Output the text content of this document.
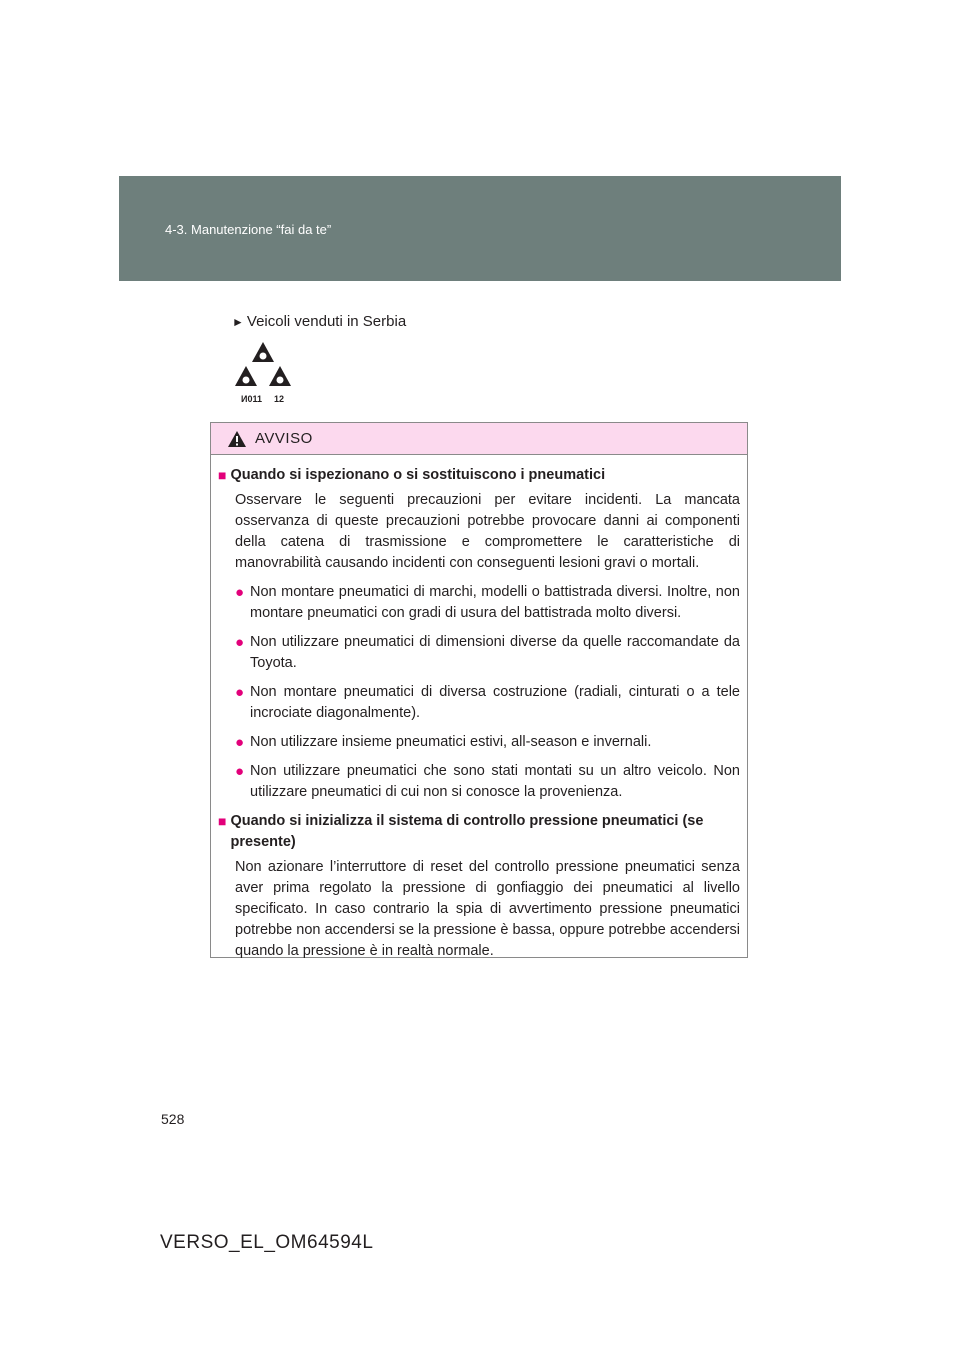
4-3. Manutenzione “fai da te”
► Veicoli venduti in Serbia
И011 12
AVVISO
■ Quando si ispezionano o si sostituiscono i pneumatici
Osservare le seguenti precauzioni per evitare incidenti. La mancata osservanza di queste precauzioni potrebbe provocare danni ai componenti della catena di trasmissione e compromettere le caratteristiche di manovrabilità causando incidenti con conseguenti lesioni gravi o mortali.
● Non montare pneumatici di marchi, modelli o battistrada diversi. Inoltre, non montare pneumatici con gradi di usura del battistrada molto diversi.
● Non utilizzare pneumatici di dimensioni diverse da quelle raccomandate da Toyota.
● Non montare pneumatici di diversa costruzione (radiali, cinturati o a tele incrociate diagonalmente).
● Non utilizzare insieme pneumatici estivi, all-season e invernali.
● Non utilizzare pneumatici che sono stati montati su un altro veicolo. Non utilizzare pneumatici di cui non si conosce la provenienza.
■ Quando si inizializza il sistema di controllo pressione pneumatici (se presente)
Non azionare l’interruttore di reset del controllo pressione pneumatici senza aver prima regolato la pressione di gonfiaggio dei pneumatici al livello specificato. In caso contrario la spia di avvertimento pressione pneumatici potrebbe non accendersi se la pressione è bassa, oppure potrebbe accendersi quando la pressione è in realtà normale.
528
VERSO_EL_OM64594L
